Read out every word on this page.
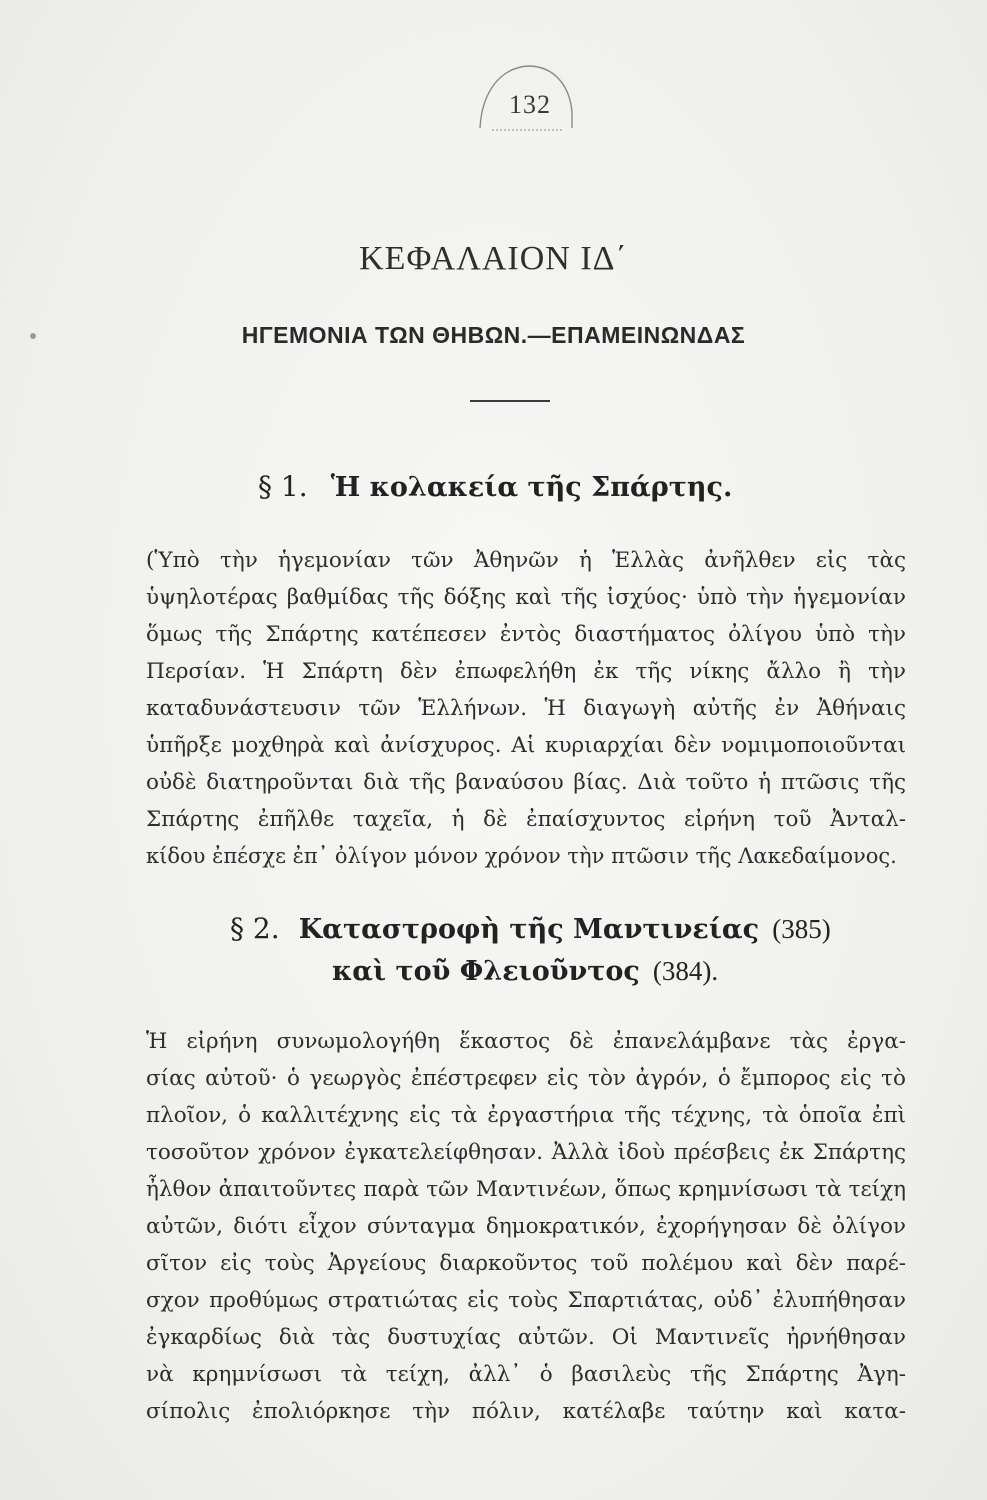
132
ΚΕΦΑΛΑΙΟΝ ΙΔ΄
ΗΓΕΜΟΝΙΑ ΤΩΝ ΘΗΒΩΝ.—ΕΠΑΜΕΙΝΩΝΔΑΣ
§ 1. Ἡ κολακεία τῆς Σπάρτης.
(Ὑπὸ τὴν ἡγεμονίαν τῶν Ἀθηνῶν ἡ Ἑλλὰς ἀνῆλθεν εἰς τὰς
ὑψηλοτέρας βαθμίδας τῆς δόξης καὶ τῆς ἰσχύος· ὑπὸ τὴν ἡγεμονίαν
ὅμως τῆς Σπάρτης κατέπεσεν ἐντὸς διαστήματος ὀλίγου ὑπὸ τὴν
Περσίαν. Ἡ Σπάρτη δὲν ἐπωφελήθη ἐκ τῆς νίκης ἄλλο ἢ τὴν
καταδυνάστευσιν τῶν Ἑλλήνων. Ἡ διαγωγὴ αὐτῆς ἐν Ἀθήναις
ὑπῆρξε μοχθηρὰ καὶ ἀνίσχυρος. Αἱ κυριαρχίαι δὲν νομιμοποιοῦνται
οὐδὲ διατηροῦνται διὰ τῆς βαναύσου βίας. Διὰ τοῦτο ἡ πτῶσις τῆς
Σπάρτης ἐπῆλθε ταχεῖα, ἡ δὲ ἐπαίσχυντος εἰρήνη τοῦ Ἀνταλ-
κίδου ἐπέσχε ἐπ᾽ ὀλίγον μόνον χρόνον τὴν πτῶσιν τῆς Λακεδαίμονος.
§ 2. Καταστροφὴ τῆς Μαντινείας (385)
καὶ τοῦ Φλειοῦντος (384).
Ἡ εἰρήνη συνωμολογήθη ἕκαστος δὲ ἐπανελάμβανε τὰς ἐργα-
σίας αὐτοῦ· ὁ γεωργὸς ἐπέστρεφεν εἰς τὸν ἀγρόν, ὁ ἔμπορος εἰς τὸ
πλοῖον, ὁ καλλιτέχνης εἰς τὰ ἐργαστήρια τῆς τέχνης, τὰ ὁποῖα ἐπὶ
τοσοῦτον χρόνον ἐγκατελείφθησαν. Ἀλλὰ ἰδοὺ πρέσβεις ἐκ Σπάρτης
ἦλθον ἀπαιτοῦντες παρὰ τῶν Μαντινέων, ὅπως κρημνίσωσι τὰ τείχη
αὐτῶν, διότι εἶχον σύνταγμα δημοκρατικόν, ἐχορήγησαν δὲ ὀλίγον
σῖτον εἰς τοὺς Ἀργείους διαρκοῦντος τοῦ πολέμου καὶ δὲν παρέ-
σχον προθύμως στρατιώτας εἰς τοὺς Σπαρτιάτας, οὐδ᾽ ἐλυπήθησαν
ἐγκαρδίως διὰ τὰς δυστυχίας αὐτῶν. Οἱ Μαντινεῖς ἠρνήθησαν
νὰ κρημνίσωσι τὰ τείχη, ἀλλ᾽ ὁ βασιλεὺς τῆς Σπάρτης Ἀγη-
σίπολις ἐπολιόρκησε τὴν πόλιν, κατέλαβε ταύτην καὶ κατα-
